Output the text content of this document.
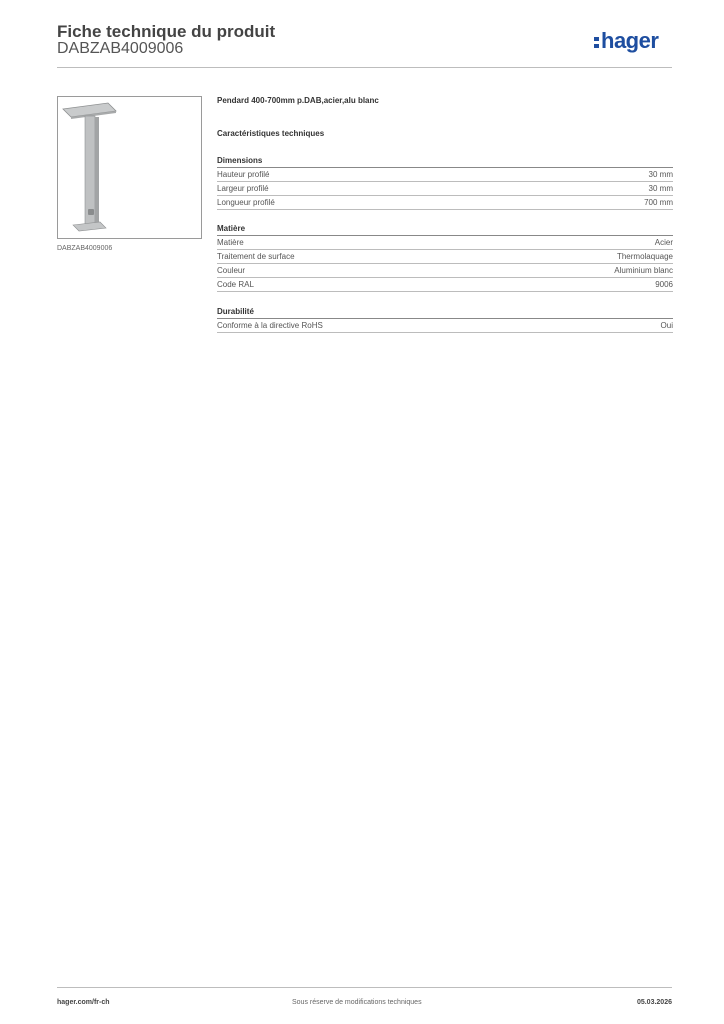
Fiche technique du produit
DABZAB4009006	hager
DABZAB4009006
Pendard 400-700mm p.DAB,acier,alu blanc
Caractéristiques techniques
Dimensions
Hauteur profilé	30 mm
Largeur profilé	30 mm
Longueur profilé	700 mm
Matière
Matière	Acier
Traitement de surface	Thermolaquage
Couleur	Aluminium blanc
Code RAL	9006
Durabilité
Conforme à la directive RoHS	Oui
hager.com/fr-ch	Sous réserve de modifications techniques	05.03.2026
